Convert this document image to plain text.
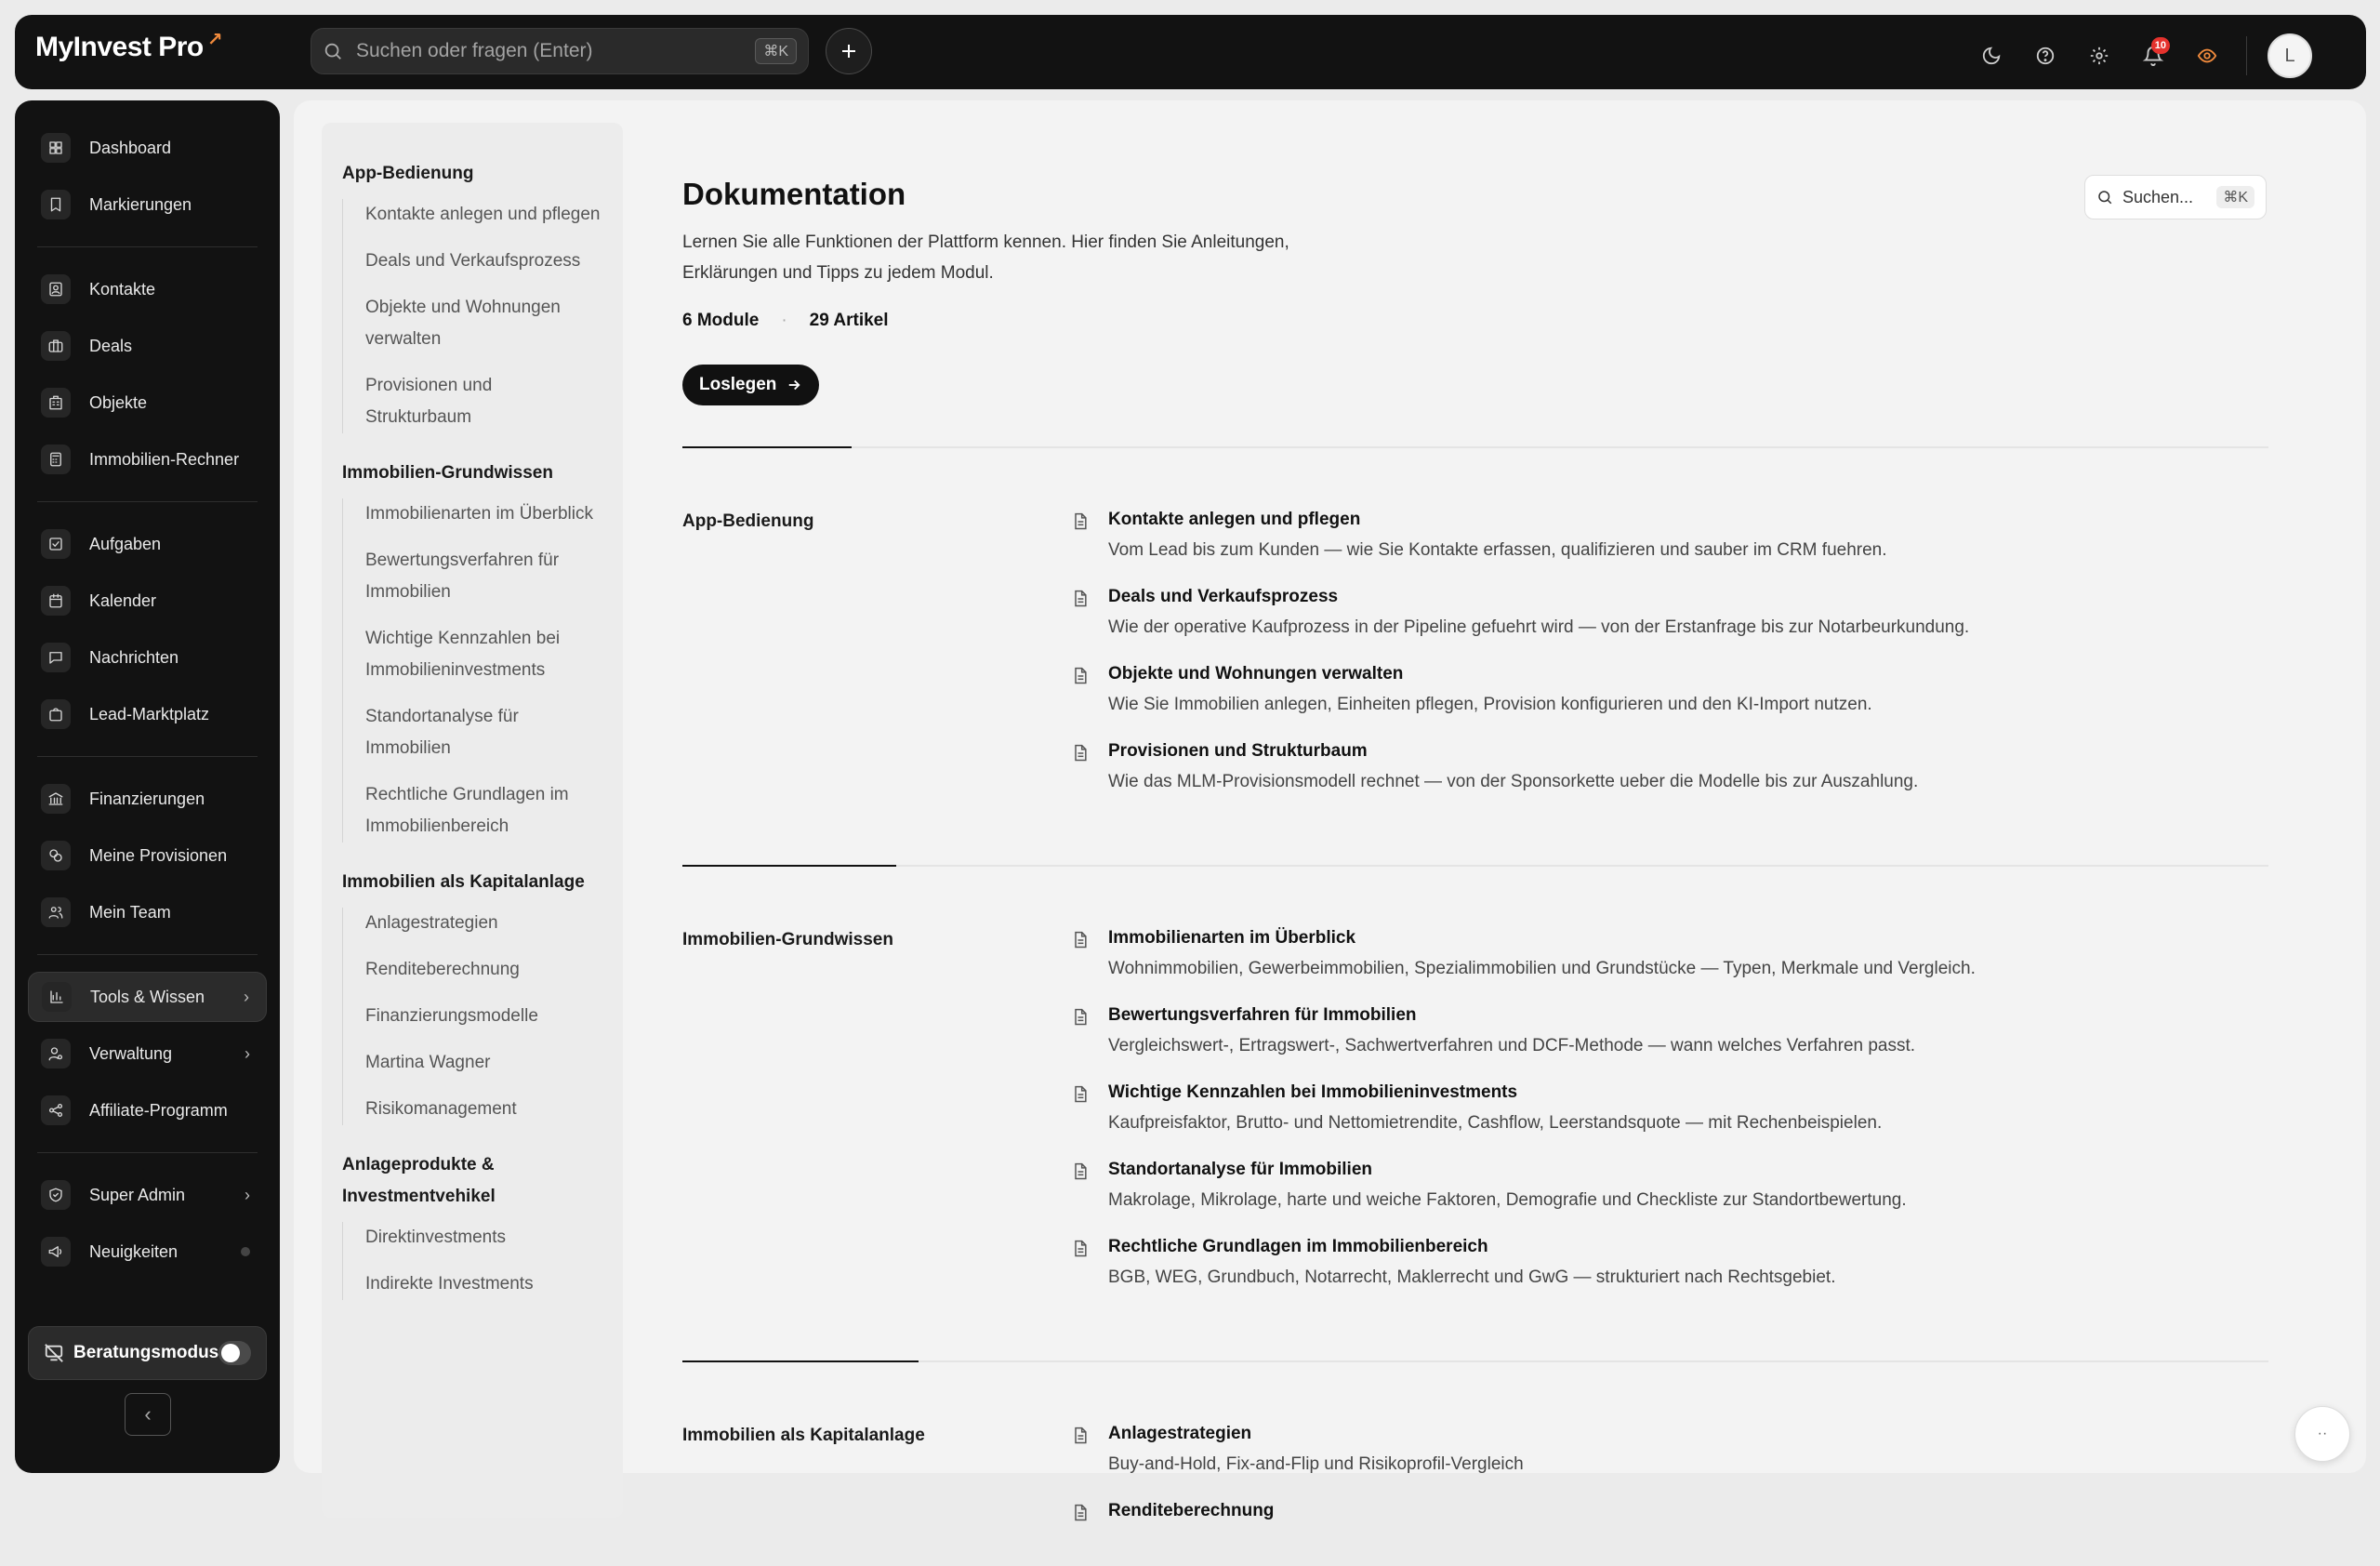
MyInvest Pro ↗	Suchen oder fragen (Enter)	⌘K	10	L
Dashboard
Markierungen
Kontakte
Deals
Objekte
Immobilien-Rechner
Aufgaben
Kalender
Nachrichten
Lead-Marktplatz
Finanzierungen
Meine Provisionen
Mein Team
Tools & Wissen ›
Verwaltung	›
Affiliate-Programm
Super Admin	›
Neuigkeiten
Beratungsmodus
‹
App-Bedienung
Kontakte anlegen und pflegen
Deals und Verkaufsprozess
Objekte und Wohnungen verwalten
Provisionen und Strukturbaum
Immobilien-Grundwissen
Immobilienarten im Überblick
Bewertungsverfahren für Immobilien
Wichtige Kennzahlen bei Immobilieninvestments
Standortanalyse für Immobilien
Rechtliche Grundlagen im Immobilienbereich
Immobilien als Kapitalanlage
Anlagestrategien
Renditeberechnung
Finanzierungsmodelle
Martina Wagner
Risikomanagement
Anlageprodukte & Investmentvehikel
Direktinvestments
Indirekte Investments
Dokumentation

Lernen Sie alle Funktionen der Plattform kennen. Hier finden Sie Anleitungen, Erklärungen und Tipps zu jedem Modul.

6 Module · 29 Artikel
Loslegen
Suchen...	⌘K
App-Bedienung	Kontakte anlegen und pflegen
Vom Lead bis zum Kunden — wie Sie Kontakte erfassen, qualifizieren und sauber im CRM fuehren.
Deals und Verkaufsprozess
Wie der operative Kaufprozess in der Pipeline gefuehrt wird — von der Erstanfrage bis zur Notarbeurkundung.
Objekte und Wohnungen verwalten
Wie Sie Immobilien anlegen, Einheiten pflegen, Provision konfigurieren und den KI-Import nutzen.
Provisionen und Strukturbaum
Wie das MLM-Provisionsmodell rechnet — von der Sponsorkette ueber die Modelle bis zur Auszahlung.
Immobilien-Grundwissen	Immobilienarten im Überblick
Wohnimmobilien, Gewerbeimmobilien, Spezialimmobilien und Grundstücke — Typen, Merkmale und Vergleich.
Bewertungsverfahren für Immobilien
Vergleichswert-, Ertragswert-, Sachwertverfahren und DCF-Methode — wann welches Verfahren passt.
Wichtige Kennzahlen bei Immobilieninvestments
Kaufpreisfaktor, Brutto- und Nettomietrendite, Cashflow, Leerstandsquote — mit Rechenbeispielen.
Standortanalyse für Immobilien
Makrolage, Mikrolage, harte und weiche Faktoren, Demografie und Checkliste zur Standortbewertung.
Rechtliche Grundlagen im Immobilienbereich
BGB, WEG, Grundbuch, Notarrecht, Maklerrecht und GwG — strukturiert nach Rechtsgebiet.
Immobilien als Kapitalanlage	Anlagestrategien
Buy-and-Hold, Fix-and-Flip und Risikoprofil-Vergleich
Renditeberechnung
··
